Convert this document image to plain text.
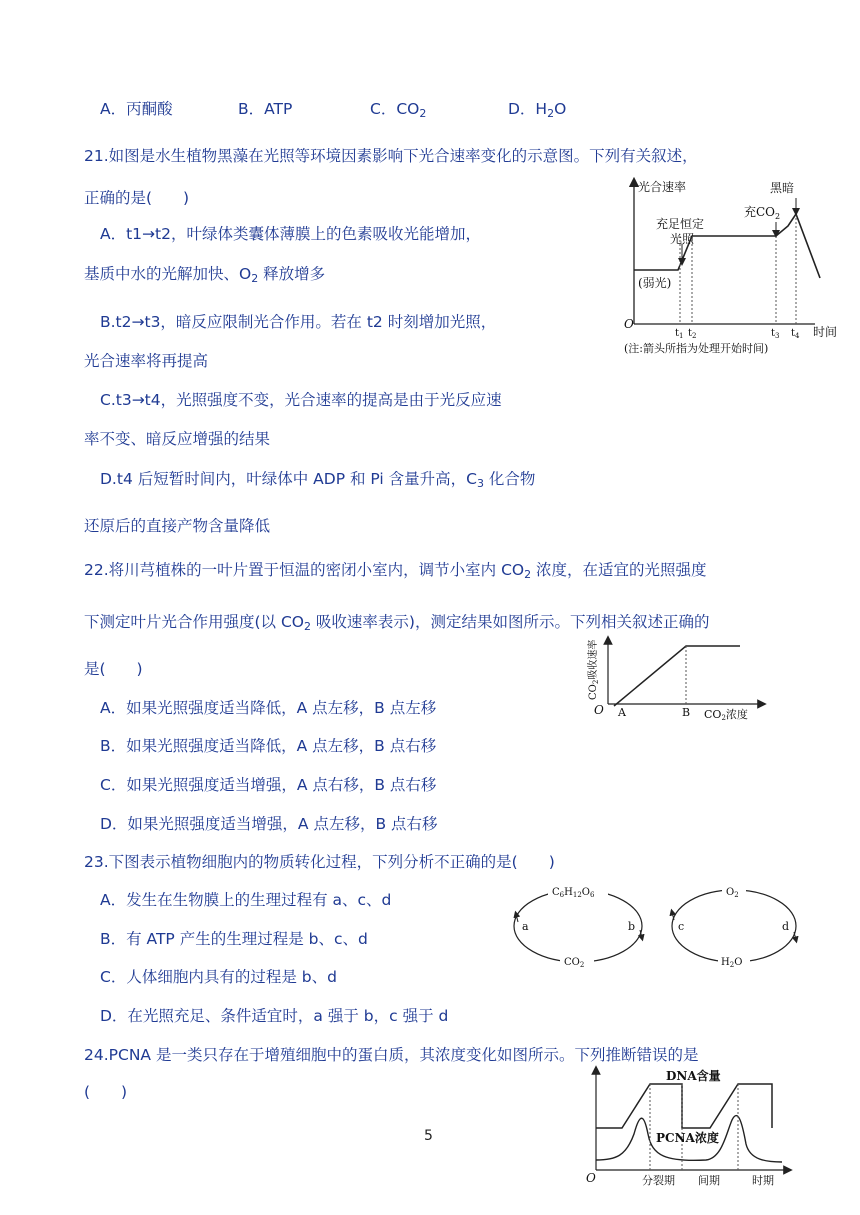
A．丙酮酸	B．ATP	C．$CO_2$	D．$H_2O$
21.如图是水生植物黑藻在光照等环境因素影响下光合速率变化的示意图。下列有关叙述，
正确的是(　　)
A．t1→t2，叶绿体类囊体薄膜上的色素吸收光能增加，
基质中水的光解加快、$O_2$ 释放增多
B.t2→t3，暗反应限制光合作用。若在 t2 时刻增加光照，
光合速率将再提高
C.t3→t4，光照强度不变，光合速率的提高是由于光反应速
率不变、暗反应增强的结果
D.t4 后短暂时间内，叶绿体中 ADP 和 Pi 含量升高，$C_3$ 化合物
还原后的直接产物含量降低
光合速率	黑暗
充$CO_2$
充足恒定
光照
(弱光)
O
$t_1$ $t_2$	$t_3$ $t_4$ 时间
(注:箭头所指为处理开始时间)
22.将川芎植株的一叶片置于恒温的密闭小室内，调节小室内 $CO_2$ 浓度，在适宜的光照强度
下测定叶片光合作用强度(以 $CO_2$ 吸收速率表示)，测定结果如图所示。下列相关叙述正确的
是(　　)
A．如果光照强度适当降低，A 点左移，B 点左移
B．如果光照强度适当降低，A 点左移，B 点右移
C．如果光照强度适当增强，A 点右移，B 点右移
D．如果光照强度适当增强，A 点左移，B 点右移
$CO_2$吸收速率
O A	B CO2浓度
23.下图表示植物细胞内的物质转化过程，下列分析不正确的是(　　)
A．发生在生物膜上的生理过程有 a、c、d
B．有 ATP 产生的生理过程是 b、c、d
C．人体细胞内具有的过程是 b、d
D．在光照充足、条件适宜时，a 强于 b，c 强于 d
$C_6H_{12}O_6$
$CO_2$
a	b	c	d
$O_2$
$H_2O$
24.PCNA 是一类只存在于增殖细胞中的蛋白质，其浓度变化如图所示。下列推断错误的是
(　　)
DNA含量
PCNA浓度
O	分裂期 间期	时期
5
